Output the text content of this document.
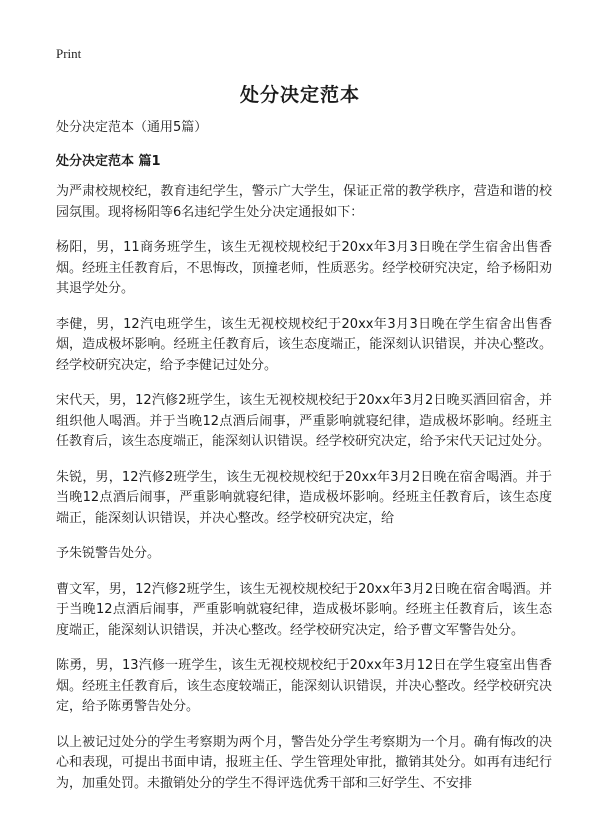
Print
处分决定范本
处分决定范本（通用5篇）
处分决定范本 篇1

为严肃校规校纪，教育违纪学生，警示广大学生，保证正常的教学秩序，营造和谐的校园氛围。现将杨阳等6名违纪学生处分决定通报如下：

杨阳，男，11商务班学生，该生无视校规校纪于20xx年3月3日晚在学生宿舍出售香烟。经班主任教育后，不思悔改，顶撞老师，性质恶劣。经学校研究决定，给予杨阳劝其退学处分。

李健，男，12汽电班学生，该生无视校规校纪于20xx年3月3日晚在学生宿舍出售香烟，造成极坏影响。经班主任教育后，该生态度端正，能深刻认识错误，并决心整改。经学校研究决定，给予李健记过处分。

宋代天，男，12汽修2班学生，该生无视校规校纪于20xx年3月2日晚买酒回宿舍，并组织他人喝酒。并于当晚12点酒后闹事，严重影响就寝纪律，造成极坏影响。经班主任教育后，该生态度端正，能深刻认识错误。经学校研究决定，给予宋代天记过处分。

朱锐，男，12汽修2班学生，该生无视校规校纪于20xx年3月2日晚在宿舍喝酒。并于当晚12点酒后闹事，严重影响就寝纪律，造成极坏影响。经班主任教育后，该生态度端正，能深刻认识错误，并决心整改。经学校研究决定，给

予朱锐警告处分。

曹文军，男，12汽修2班学生，该生无视校规校纪于20xx年3月2日晚在宿舍喝酒。并于当晚12点酒后闹事，严重影响就寝纪律，造成极坏影响。经班主任教育后，该生态度端正，能深刻认识错误，并决心整改。经学校研究决定，给予曹文军警告处分。

陈勇，男，13汽修一班学生，该生无视校规校纪于20xx年3月12日在学生寝室出售香烟。经班主任教育后，该生态度较端正，能深刻认识错误，并决心整改。经学校研究决定，给予陈勇警告处分。

以上被记过处分的学生考察期为两个月，警告处分学生考察期为一个月。确有悔改的决心和表现，可提出书面申请，报班主任、学生管理处审批，撤销其处分。如再有违纪行为，加重处罚。未撤销处分的学生不得评选优秀干部和三好学生、不安排
